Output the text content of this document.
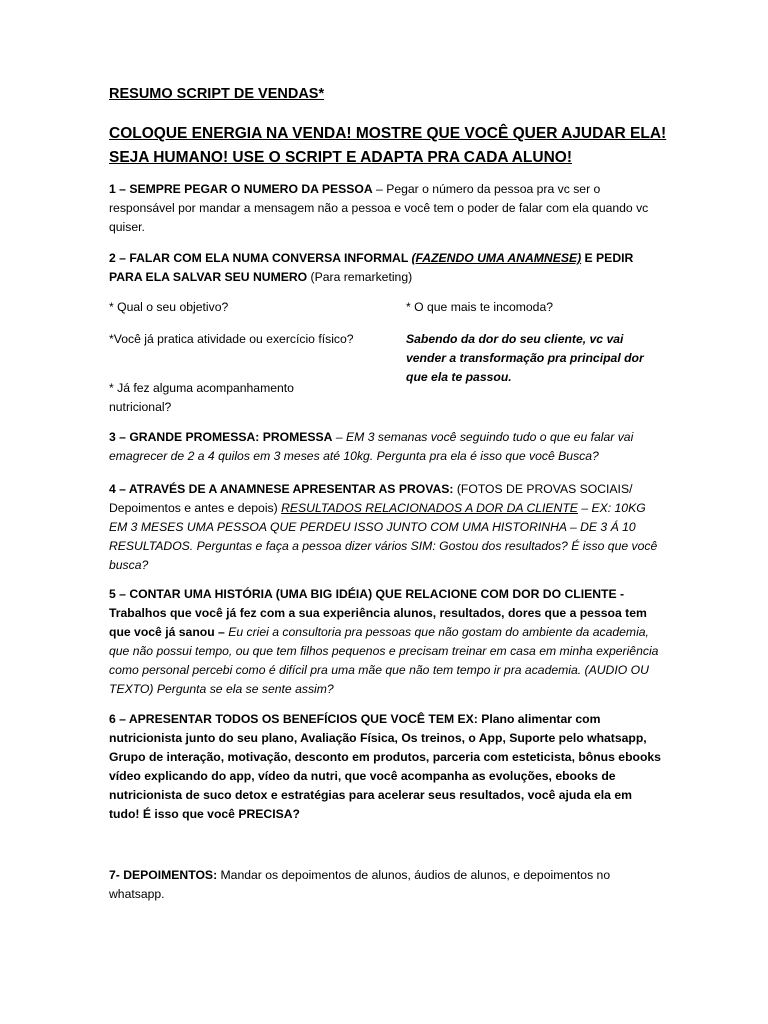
RESUMO SCRIPT DE VENDAS*
COLOQUE ENERGIA NA VENDA! MOSTRE QUE VOCÊ QUER AJUDAR ELA!
SEJA HUMANO! USE O SCRIPT E ADAPTA PRA CADA ALUNO!
1 – SEMPRE PEGAR O NUMERO DA PESSOA – Pegar o número da pessoa pra vc ser o responsável por mandar a mensagem não a pessoa e você tem o poder de falar com ela quando vc quiser.
2 – FALAR COM ELA NUMA CONVERSA INFORMAL (FAZENDO UMA ANAMNESE) E PEDIR PARA ELA SALVAR SEU NUMERO (Para remarketing)
* Qual o seu objetivo?
*Você já pratica atividade ou exercício físico?
* Já fez alguma acompanhamento nutricional?
* O que mais te incomoda?
Sabendo da dor do seu cliente, vc vai vender a transformação pra principal dor que ela te passou.
3 – GRANDE PROMESSA: PROMESSA – EM 3 semanas você seguindo tudo o que eu falar vai emagrecer de 2 a 4 quilos em 3 meses até 10kg. Pergunta pra ela é isso que você Busca?
4 – ATRAVÉS DE A ANAMNESE APRESENTAR AS PROVAS: (FOTOS DE PROVAS SOCIAIS/ Depoimentos e antes e depois) RESULTADOS RELACIONADOS A DOR DA CLIENTE – EX: 10KG EM 3 MESES UMA PESSOA QUE PERDEU ISSO JUNTO COM UMA HISTORINHA – DE 3 Á 10 RESULTADOS. Perguntas e faça a pessoa dizer vários SIM: Gostou dos resultados? É isso que você busca?
5 – CONTAR UMA HISTÓRIA (UMA BIG IDÉIA) QUE RELACIONE COM DOR DO CLIENTE - Trabalhos que você já fez com a sua experiência alunos, resultados, dores que a pessoa tem que você já sanou – Eu criei a consultoria pra pessoas que não gostam do ambiente da academia, que não possui tempo, ou que tem filhos pequenos e precisam treinar em casa em minha experiência como personal percebi como é difícil pra uma mãe que não tem tempo ir pra academia. (AUDIO OU TEXTO) Pergunta se ela se sente assim?
6 – APRESENTAR TODOS OS BENEFÍCIOS QUE VOCÊ TEM EX: Plano alimentar com nutricionista junto do seu plano, Avaliação Física, Os treinos, o App, Suporte pelo whatsapp, Grupo de interação, motivação, desconto em produtos, parceria com esteticista, bônus ebooks vídeo explicando do app, vídeo da nutri, que você acompanha as evoluções, ebooks de nutricionista de suco detox e estratégias para acelerar seus resultados, você ajuda ela em tudo! É isso que você PRECISA?
7- DEPOIMENTOS: Mandar os depoimentos de alunos, áudios de alunos, e depoimentos no whatsapp.
